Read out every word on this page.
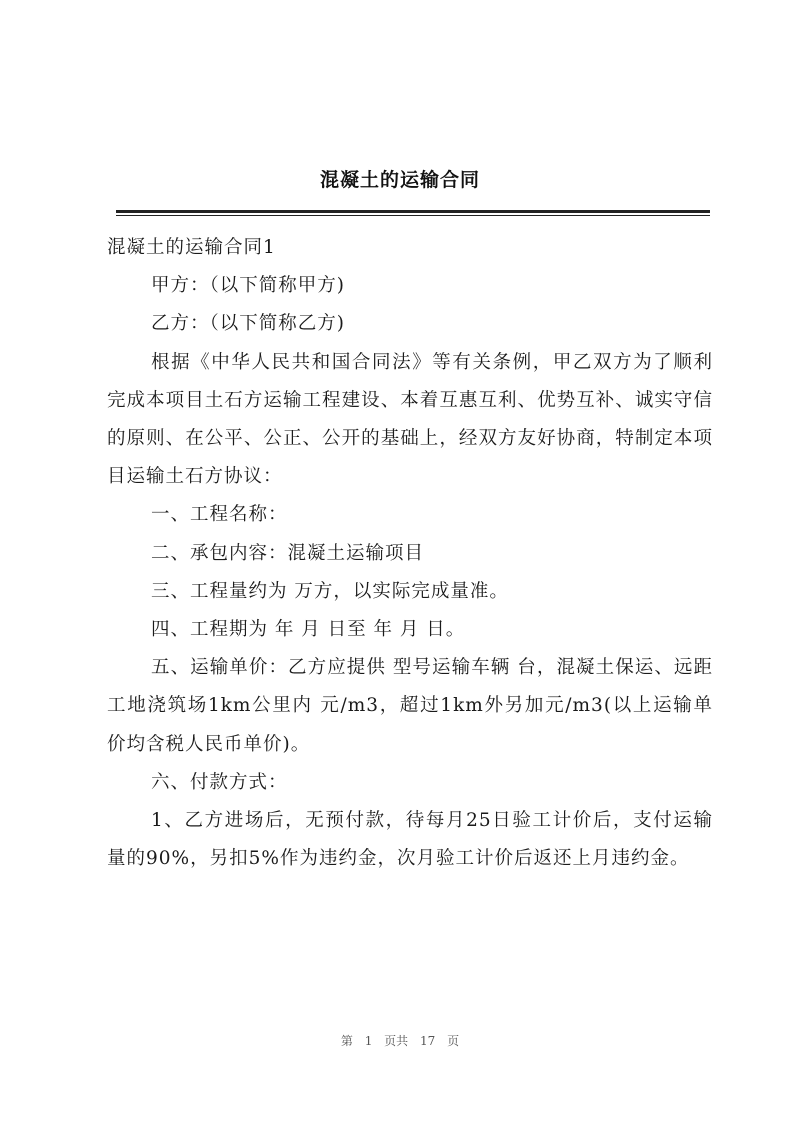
混凝土的运输合同

混凝土的运输合同1

甲方：（以下简称甲方)

乙方：（以下简称乙方)

根据《中华人民共和国合同法》等有关条例，甲乙双方为了顺利完成本项目土石方运输工程建设、本着互惠互利、优势互补、诚实守信的原则、在公平、公正、公开的基础上，经双方友好协商，特制定本项目运输土石方协议：

一、工程名称：

二、承包内容：混凝土运输项目

三、工程量约为 万方，以实际完成量准。

四、工程期为 年 月 日至 年 月 日。

五、运输单价：乙方应提供 型号运输车辆 台，混凝土保运、远距工地浇筑场1km公里内 元/m3，超过1km外另加元/m3(以上运输单价均含税人民币单价)。

六、付款方式：

1、乙方进场后，无预付款，待每月25日验工计价后，支付运输量的90%，另扣5%作为违约金，次月验工计价后返还上月违约金。

第 1 页共 17 页
